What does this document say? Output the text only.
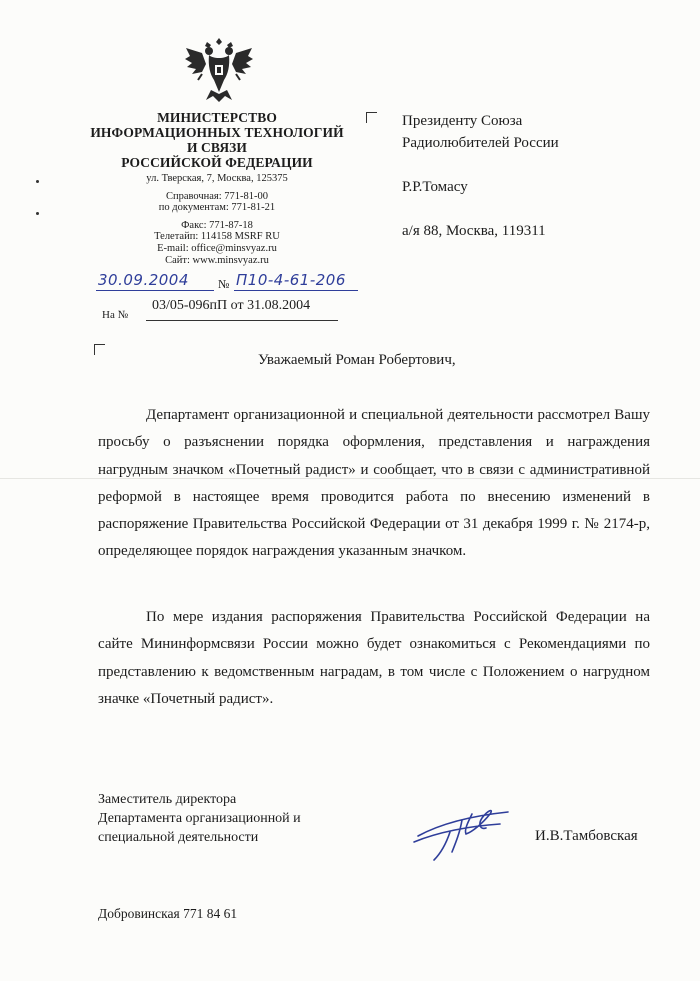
МИНИСТЕРСТВО
ИНФОРМАЦИОННЫХ ТЕХНОЛОГИЙ
И СВЯЗИ
РОССИЙСКОЙ ФЕДЕРАЦИИ
ул. Тверская, 7, Москва, 125375
Справочная: 771-81-00
по документам: 771-81-21
Факс: 771-87-18
Телетайп: 114158 MSRF RU
E-mail: office@minsvyaz.ru
Сайт: www.minsvyaz.ru
Президенту Союза
Радиолюбителей России
Р.Р.Томасу
а/я 88, Москва, 119311
30.09.2004 № П10-4-61-206
На №
03/05-096пП от 31.08.2004
Уважаемый Роман Робертович,

Департамент организационной и специальной деятельности рассмотрел Вашу просьбу о разъяснении порядка оформления, представления и награждения нагрудным значком «Почетный радист» и сообщает, что в связи с административной реформой в настоящее время проводится работа по внесению изменений в распоряжение Правительства Российской Федерации от 31 декабря 1999 г. № 2174-р, определяющее порядок награждения указанным значком.

По мере издания распоряжения Правительства Российской Федерации на сайте Мининформсвязи России можно будет ознакомиться с Рекомендациями по представлению к ведомственным наградам, в том числе с Положением о нагрудном значке «Почетный радист».

Заместитель директора
Департамента организационной и
специальной деятельности	И.В.Тамбовская
Добровинская 771 84 61
